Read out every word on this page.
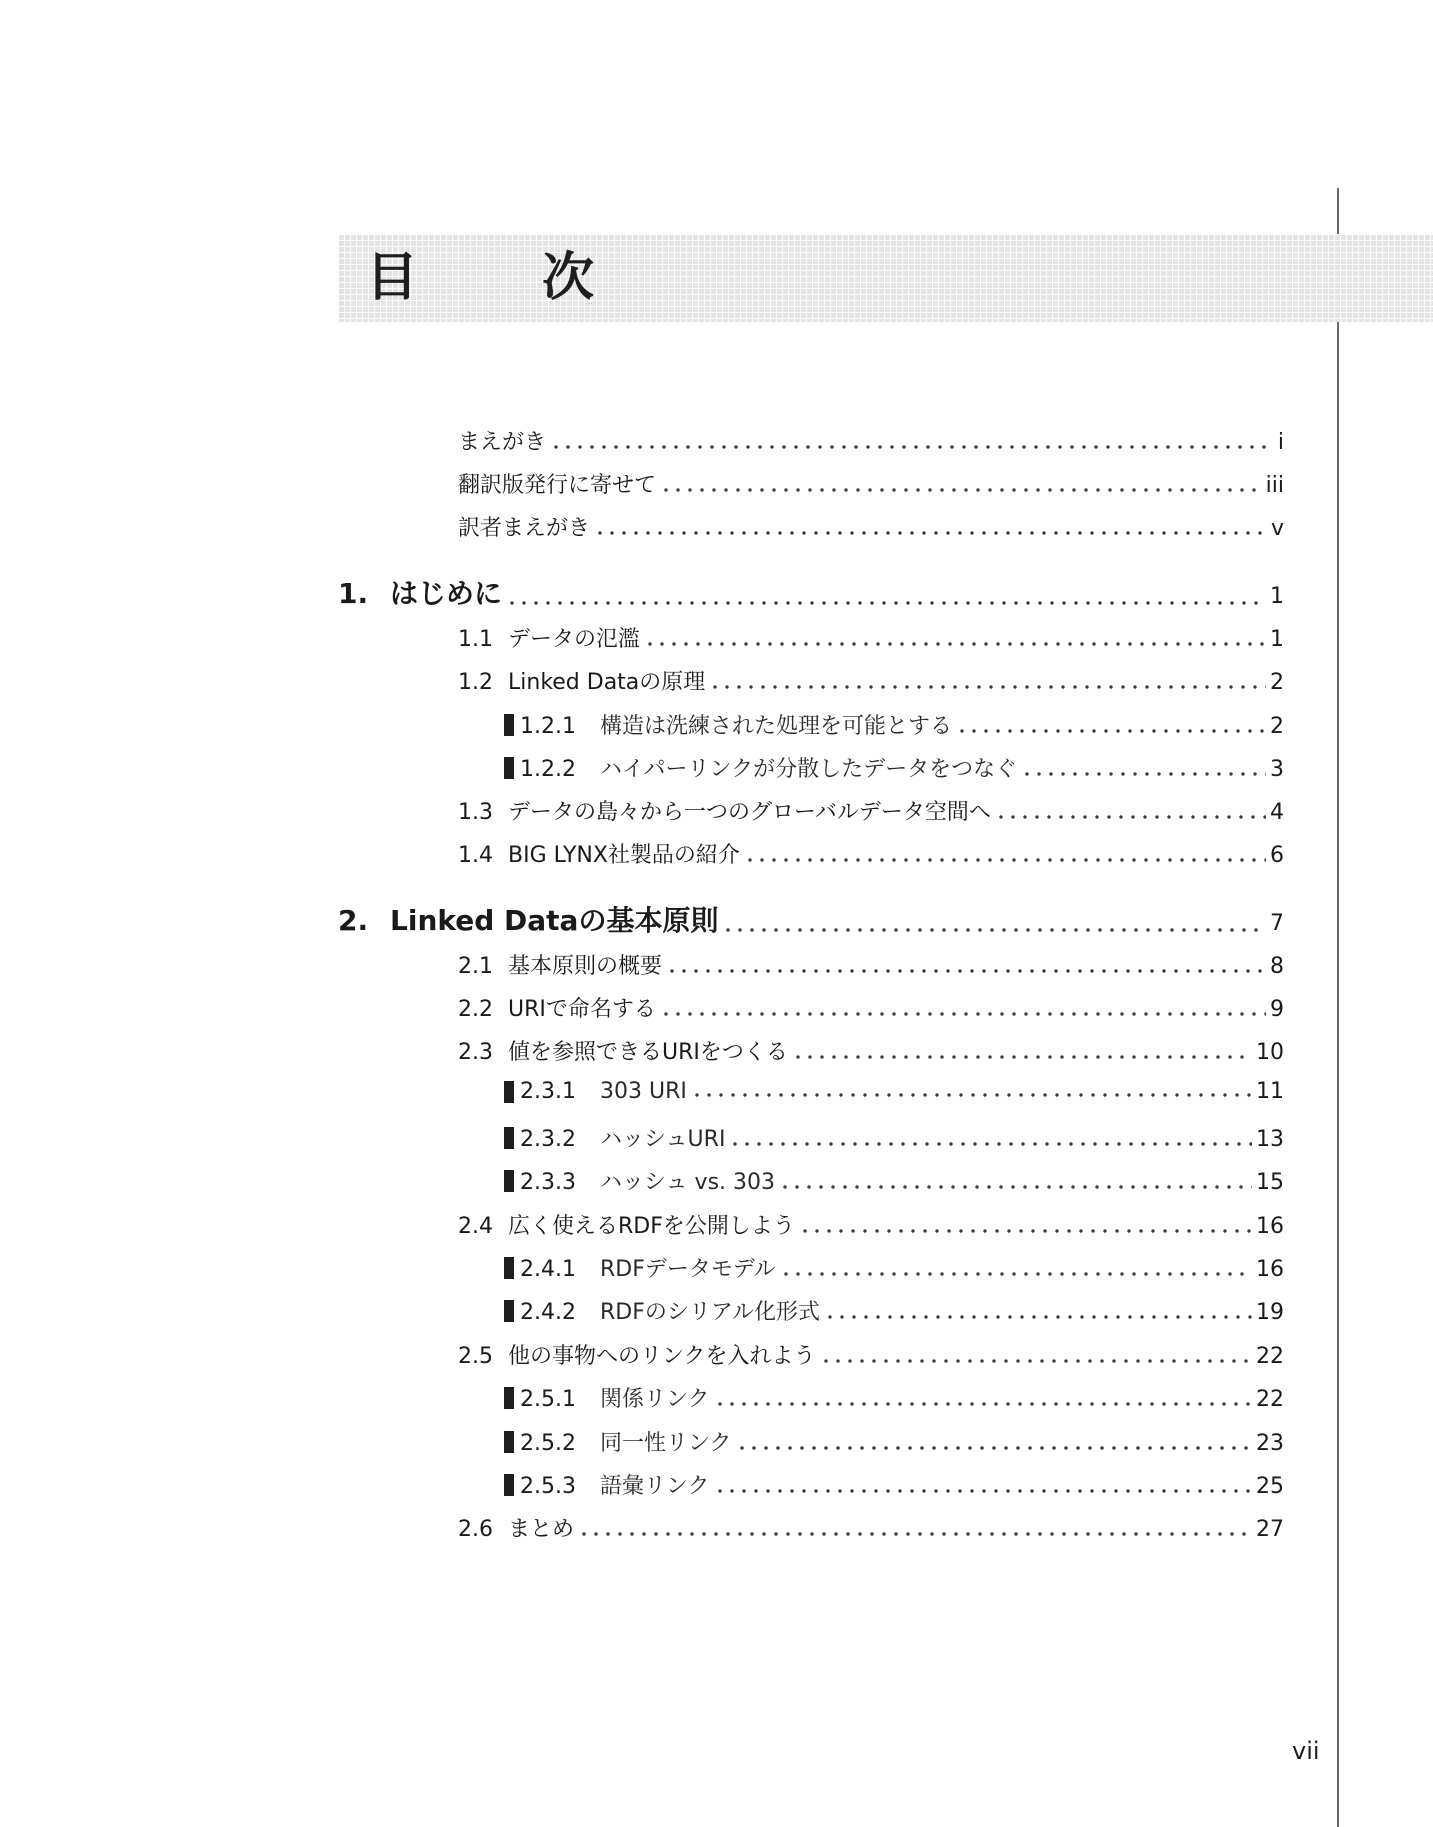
目　次
まえがき	i
翻訳版発行に寄せて	iii
訳者まえがき	v
1. はじめに	1
1.1 データの氾濫	1
1.2 Linked Dataの原理	2
1.2.1	構造は洗練された処理を可能とする	2
1.2.2	ハイパーリンクが分散したデータをつなぐ	3
1.3 データの島々から一つのグローバルデータ空間へ	4
1.4 BIG LYNX社製品の紹介	6
2. Linked Dataの基本原則	7
2.1 基本原則の概要	8
2.2 URIで命名する	9
2.3 値を参照できるURIをつくる	10
2.3.1	303 URI	11
2.3.2	ハッシュURI	13
2.3.3	ハッシュ vs. 303	15
2.4 広く使えるRDFを公開しよう	16
2.4.1	RDFデータモデル	16
2.4.2	RDFのシリアル化形式	19
2.5 他の事物へのリンクを入れよう	22
2.5.1	関係リンク	22
2.5.2	同一性リンク	23
2.5.3	語彙リンク	25
2.6 まとめ	27
vii
